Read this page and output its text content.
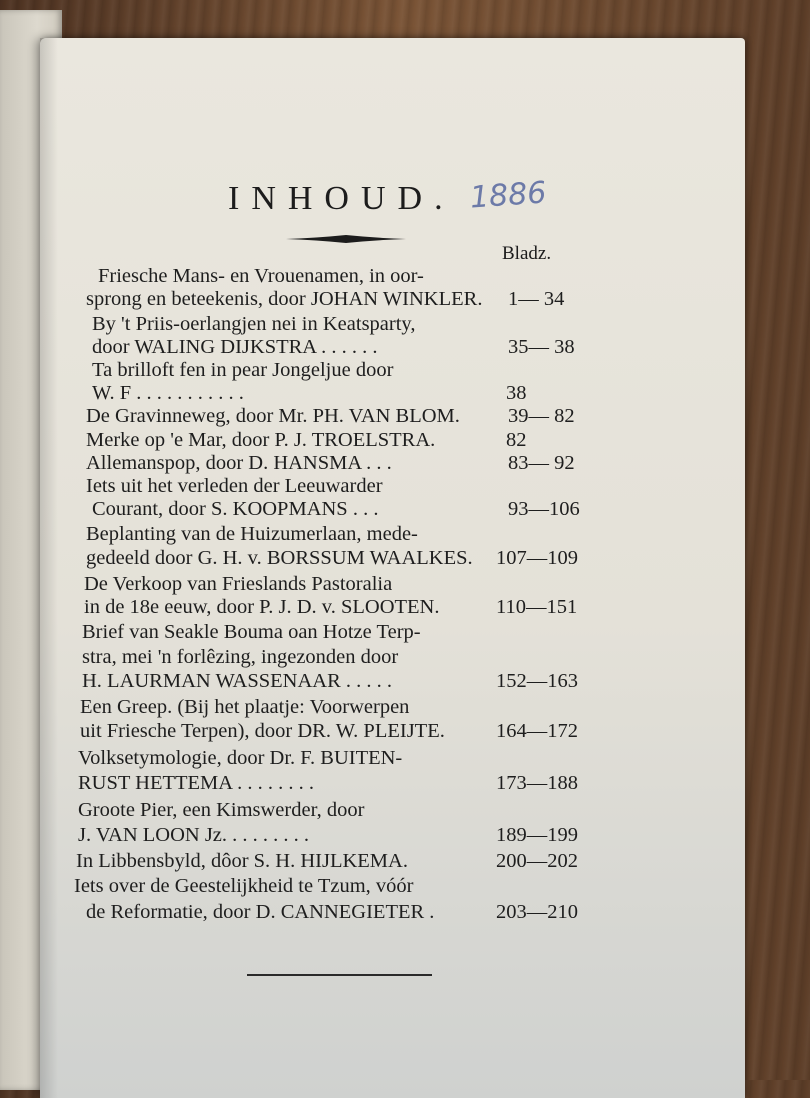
INHOUD. 1886
Bladz.
Friesche Mans- en Vrouenamen, in oor-
sprong en beteekenis, door JOHAN WINKLER. 1— 34
By 't Priis-oerlangjen nei in Keatsparty,
door WALING DIJKSTRA . . . . . .	35— 38
Ta brilloft fen in pear Jongeljue door
W. F . . . . . . . . . . .	38
De Gravinneweg, door Mr. PH. VAN BLOM. 39— 82
Merke op 'e Mar, door P. J. TROELSTRA.	82
Allemanspop, door D. HANSMA . . .	83— 92
Iets uit het verleden der Leeuwarder
Courant, door S. KOOPMANS . . .	93—106
Beplanting van de Huizumerlaan, mede-
gedeeld door G. H. v. BORSSUM WAALKES. 107—109
De Verkoop van Frieslands Pastoralia
in de 18e eeuw, door P. J. D. v. SLOOTEN.	110—151
Brief van Seakle Bouma oan Hotze Terp-
stra, mei 'n forlêzing, ingezonden door
H. LAURMAN WASSENAAR . . . . .	152—163
Een Greep. (Bij het plaatje: Voorwerpen
uit Friesche Terpen), door DR. W. PLEIJTE. 164—172
Volksetymologie, door Dr. F. BUITEN-
RUST HETTEMA . . . . . . . .	173—188
Groote Pier, een Kimswerder, door
J. VAN LOON Jz. . . . . . . . .	189—199
In Libbensbyld, dôor S. H. HIJLKEMA.	200—202
Iets over de Geestelijkheid te Tzum, vóór
de Reformatie, door D. CANNEGIETER .	203—210
